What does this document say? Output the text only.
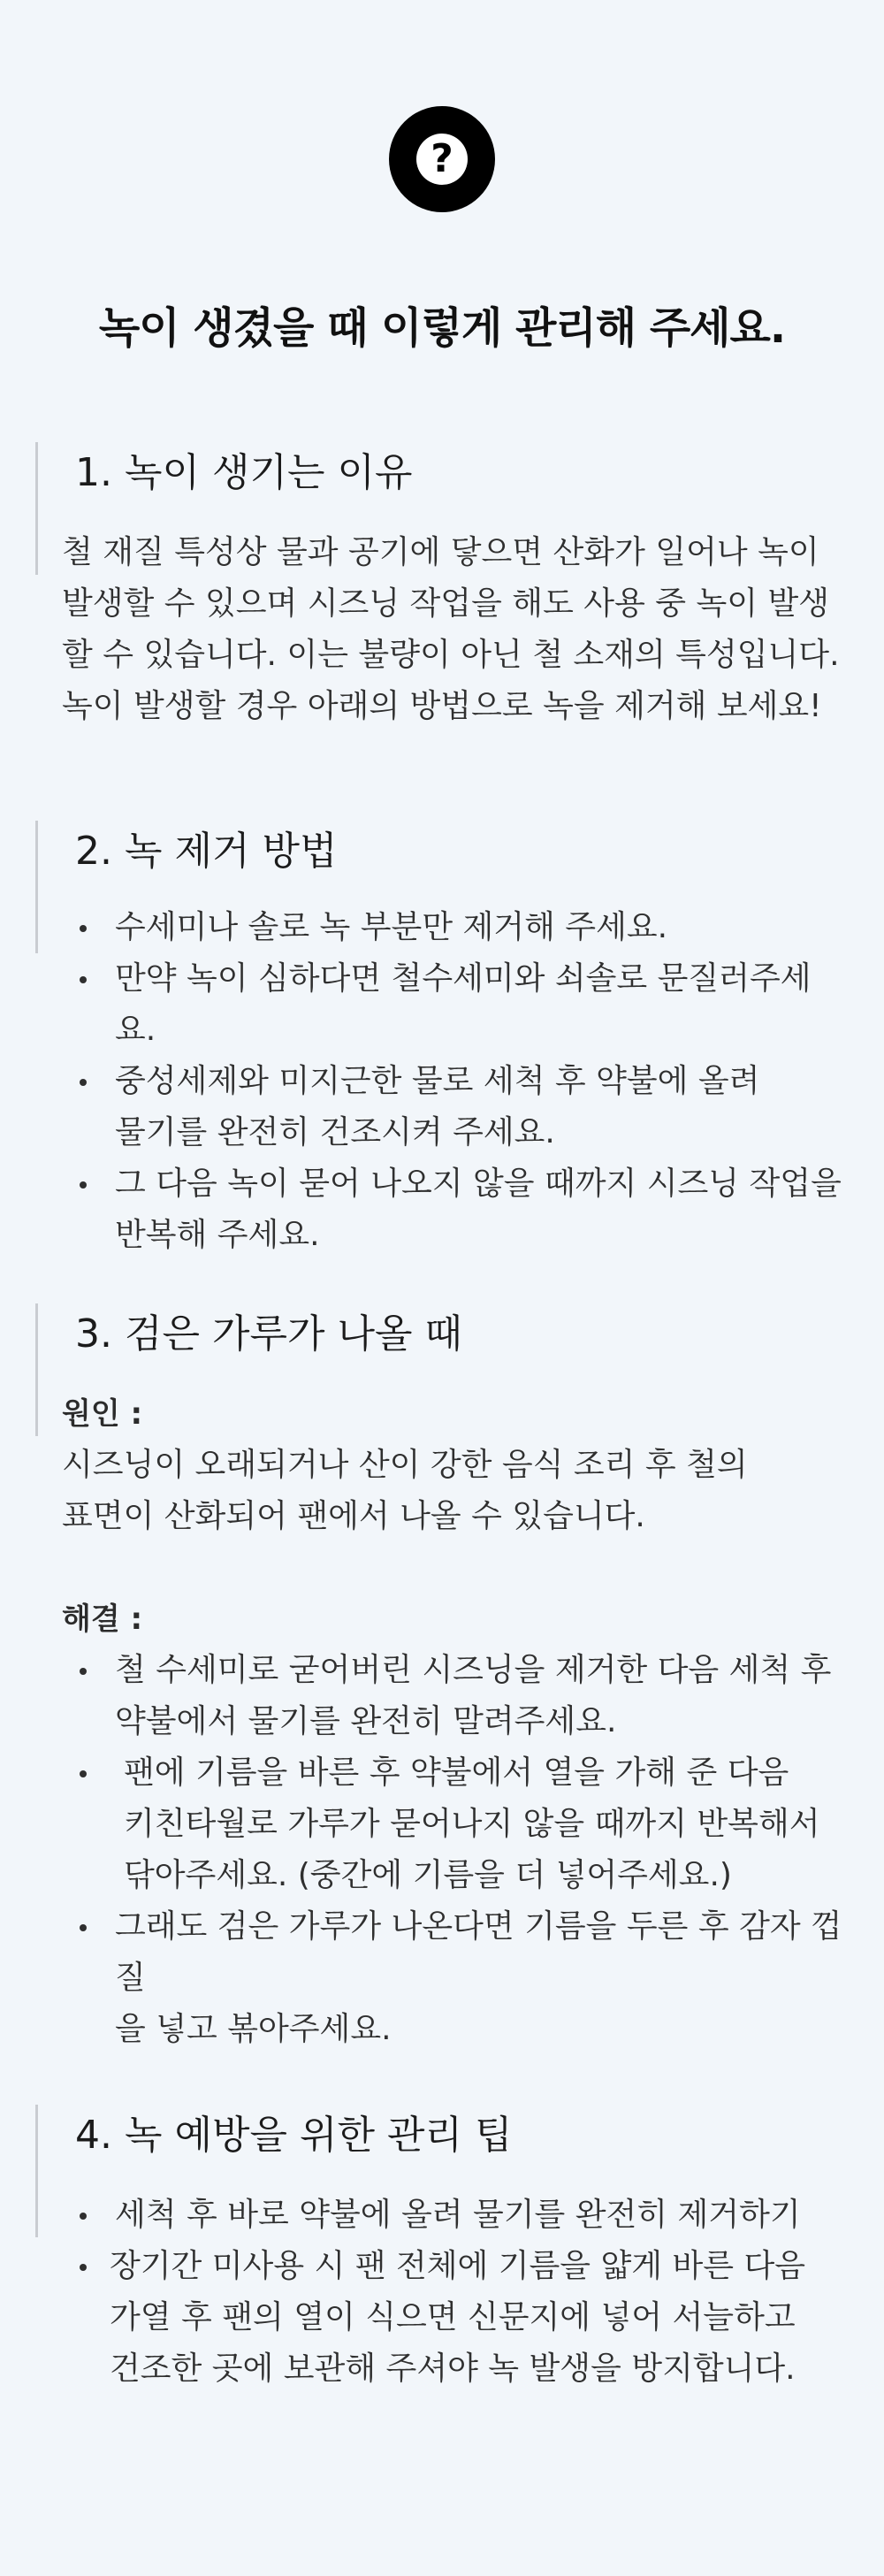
?
녹이 생겼을 때 이렇게 관리해 주세요.
1. 녹이 생기는 이유

철 재질 특성상 물과 공기에 닿으면 산화가 일어나 녹이

발생할 수 있으며 시즈닝 작업을 해도 사용 중 녹이 발생

할 수 있습니다. 이는 불량이 아닌 철 소재의 특성입니다.

녹이 발생할 경우 아래의 방법으로 녹을 제거해 보세요!

2. 녹 제거 방법
수세미나 솔로 녹 부분만 제거해 주세요.
만약 녹이 심하다면 철수세미와 쇠솔로 문질러주세요.
중성세제와 미지근한 물로 세척 후 약불에 올려
물기를 완전히 건조시켜 주세요.
그 다음 녹이 묻어 나오지 않을 때까지 시즈닝 작업을
반복해 주세요.
3. 검은 가루가 나올 때

원인 :

시즈닝이 오래되거나 산이 강한 음식 조리 후 철의

표면이 산화되어 팬에서 나올 수 있습니다.

해결 :

철 수세미로 굳어버린 시즈닝을 제거한 다음 세척 후
약불에서 물기를 완전히 말려주세요.
팬에 기름을 바른 후 약불에서 열을 가해 준 다음
키친타월로 가루가 묻어나지 않을 때까지 반복해서
닦아주세요. (중간에 기름을 더 넣어주세요.)
그래도 검은 가루가 나온다면 기름을 두른 후 감자 껍질
을 넣고 볶아주세요.
4. 녹 예방을 위한 관리 팁
세척 후 바로 약불에 올려 물기를 완전히 제거하기
장기간 미사용 시 팬 전체에 기름을 얇게 바른 다음
가열 후 팬의 열이 식으면 신문지에 넣어 서늘하고
건조한 곳에 보관해 주셔야 녹 발생을 방지합니다.
